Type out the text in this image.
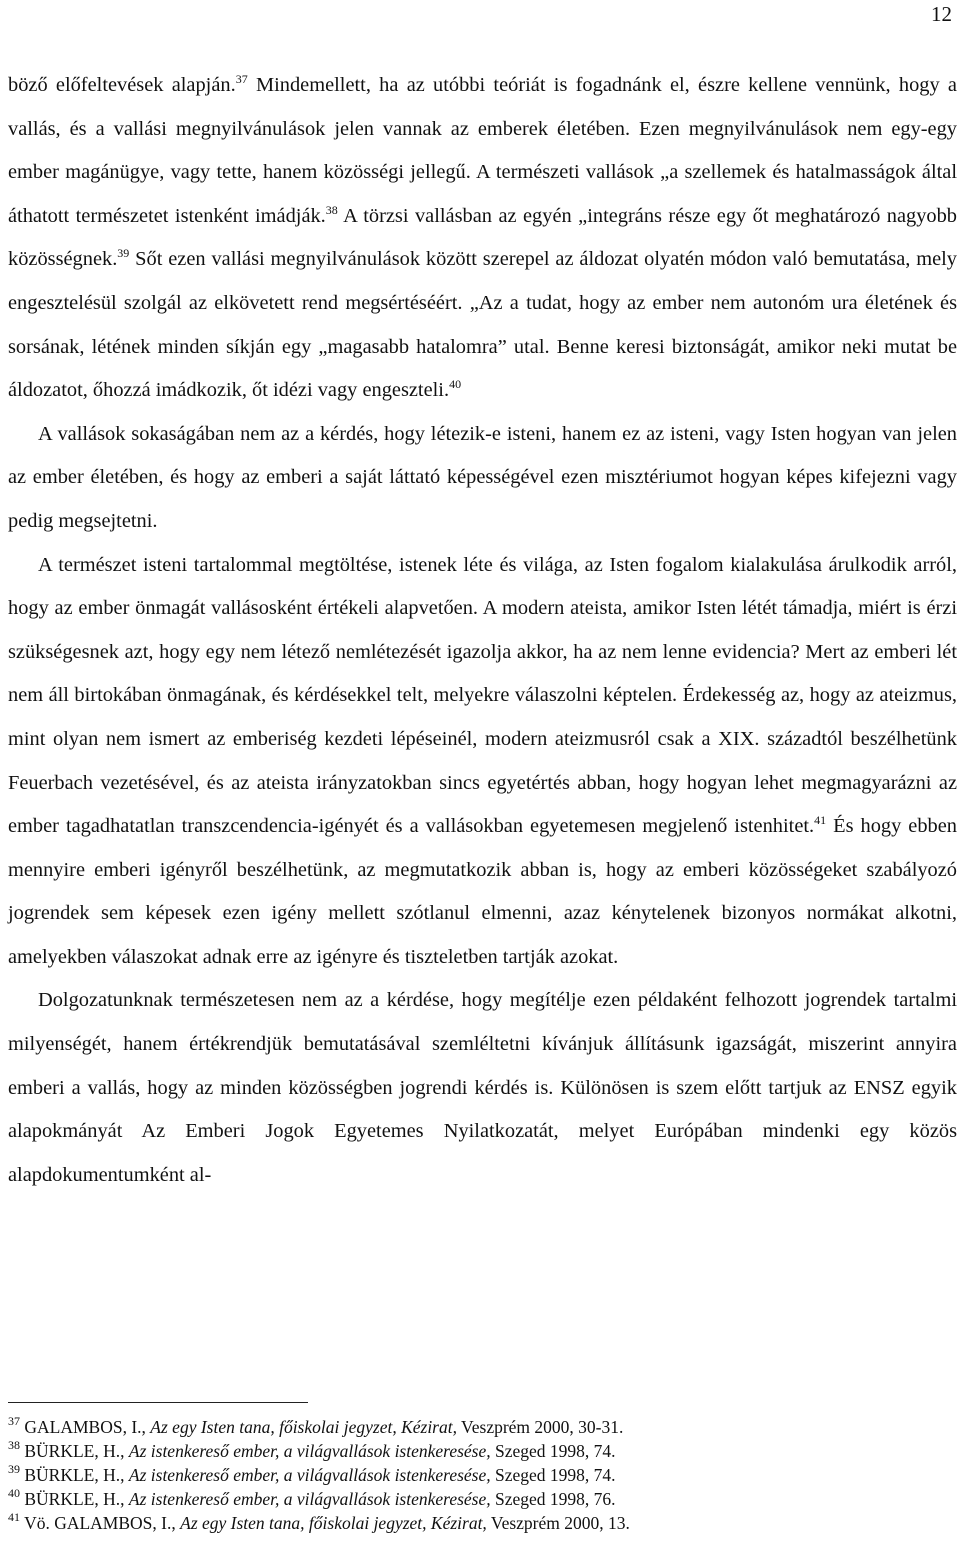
12

böző előfeltevések alapján.$^{37}$ Mindemellett, ha az utóbbi teóriát is fogadnánk el, észre kellene vennünk, hogy a vallás, és a vallási megnyilvánulások jelen vannak az emberek életében. Ezen megnyilvánulások nem egy-egy ember magánügye, vagy tette, hanem közösségi jellegű. A természeti vallások „a szellemek és hatalmasságok által áthatott természetet istenként imádják.$^{38}$ A törzsi vallásban az egyén „integráns része egy őt meghatározó nagyobb közösségnek.$^{39}$ Sőt ezen vallási megnyilvánulások között szerepel az áldozat olyatén módon való bemutatása, mely engesztelésül szolgál az elkövetett rend megsértéséért. „Az a tudat, hogy az ember nem autonóm ura életének és sorsának, létének minden síkján egy „magasabb hatalomra” utal. Benne keresi biztonságát, amikor neki mutat be áldozatot, őhozzá imádkozik, őt idézi vagy engeszteli.$^{40}$

A vallások sokaságában nem az a kérdés, hogy létezik-e isteni, hanem ez az isteni, vagy Isten hogyan van jelen az ember életében, és hogy az emberi a saját láttató képességével ezen misztériumot hogyan képes kifejezni vagy pedig megsejtetni.

A természet isteni tartalommal megtöltése, istenek léte és világa, az Isten fogalom kialakulása árulkodik arról, hogy az ember önmagát vallásosként értékeli alapvetően. A modern ateista, amikor Isten létét támadja, miért is érzi szükségesnek azt, hogy egy nem létező nemlétezését igazolja akkor, ha az nem lenne evidencia? Mert az emberi lét nem áll birtokában önmagának, és kérdésekkel telt, melyekre válaszolni képtelen. Érdekesség az, hogy az ateizmus, mint olyan nem ismert az emberiség kezdeti lépéseinél, modern ateizmusról csak a XIX. századtól beszélhetünk Feuerbach vezetésével, és az ateista irányzatokban sincs egyetértés abban, hogy hogyan lehet megmagyarázni az ember tagadhatatlan transzcendencia-igényét és a vallásokban egyetemesen megjelenő istenhitet.$^{41}$ És hogy ebben mennyire emberi igényről beszélhetünk, az megmutatkozik abban is, hogy az emberi közösségeket szabályozó jogrendek sem képesek ezen igény mellett szótlanul elmenni, azaz kénytelenek bizonyos normákat alkotni, amelyekben válaszokat adnak erre az igényre és tiszteletben tartják azokat.

Dolgozatunknak természetesen nem az a kérdése, hogy megítélje ezen példaként felhozott jogrendek tartalmi milyenségét, hanem értékrendjük bemutatásával szemléltetni kívánjuk állításunk igazságát, miszerint annyira emberi a vallás, hogy az minden közösségben jogrendi kérdés is. Különösen is szem előtt tartjuk az ENSZ egyik alapokmányát Az Emberi Jogok Egyetemes Nyilatkozatát, melyet Európában mindenki egy közös alapdokumentumként al-

$^{37}$ GALAMBOS, I., Az egy Isten tana, főiskolai jegyzet, Kézirat, Veszprém 2000, 30-31.
$^{38}$ BÜRKLE, H., Az istenkereső ember, a világvallások istenkeresése, Szeged 1998, 74.
$^{39}$ BÜRKLE, H., Az istenkereső ember, a világvallások istenkeresése, Szeged 1998, 74.
$^{40}$ BÜRKLE, H., Az istenkereső ember, a világvallások istenkeresése, Szeged 1998, 76.
$^{41}$ Vö. GALAMBOS, I., Az egy Isten tana, főiskolai jegyzet, Kézirat, Veszprém 2000, 13.
